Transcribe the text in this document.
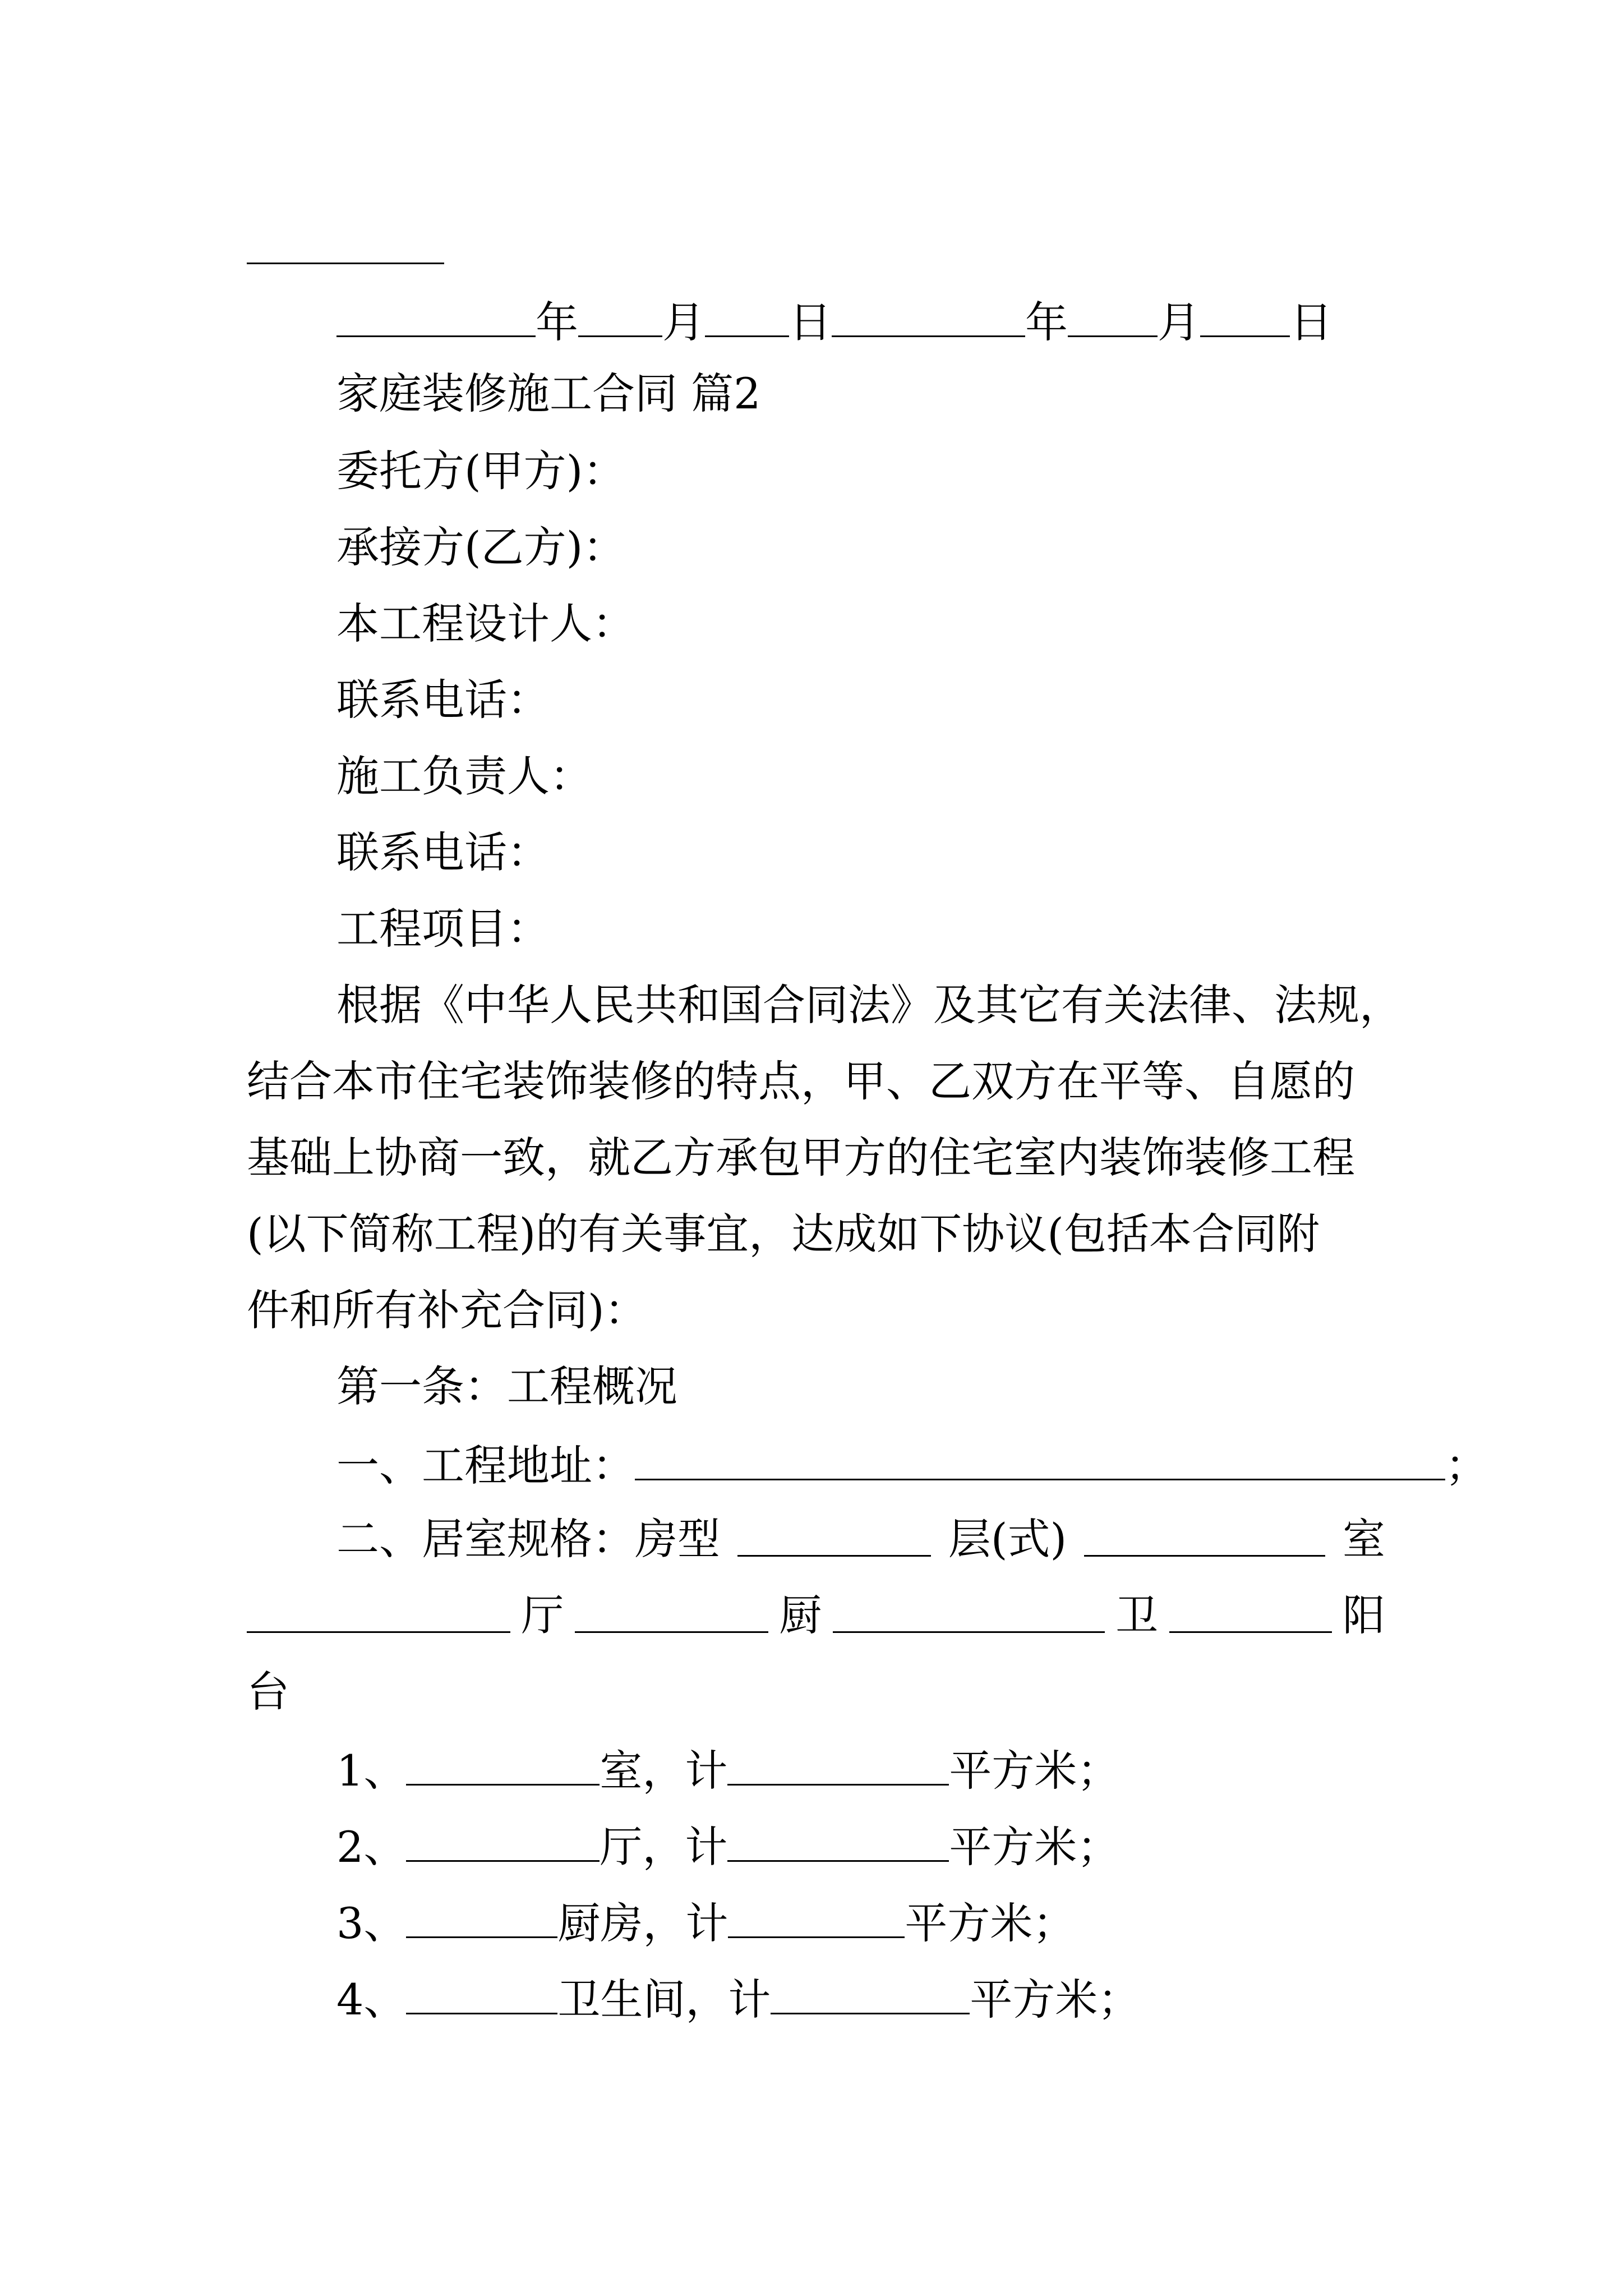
年 月 日	年 月 日
家庭装修施工合同 篇2
委托方(甲方)：
承接方(乙方)：
本工程设计人：
联系电话：
施工负责人：
联系电话：
工程项目：
根据《中华人民共和国合同法》及其它有关法律、法规，
结合本市住宅装饰装修的特点，甲、乙双方在平等、自愿的
基础上协商一致，就乙方承包甲方的住宅室内装饰装修工程
(以下简称工程)的有关事宜，达成如下协议(包括本合同附
件和所有补充合同)：
第一条：工程概况
一、工程地址：	；
二、居室规格：房型	层(式)	室
厅	厨	卫	阳
台
1、	室，计	平方米；
2、	厅，计	平方米；
3、	厨房，计	平方米；
4、	卫生间，计	平方米；
